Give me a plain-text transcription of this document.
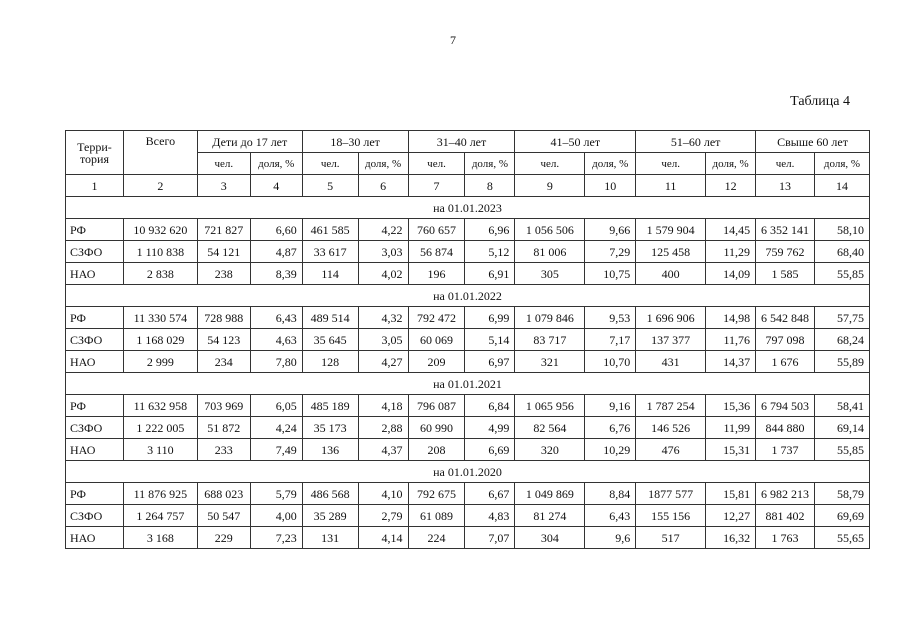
7
Таблица 4
Терри-
тория	Всего	Дети до 17 лет		18–30 лет		31–40 лет		41–50 лет		51–60 лет		Свыше 60 лет	
		чел.	доля, %	чел.	доля, %	чел.	доля, %	чел.	доля, %	чел.	доля, %	чел.	доля, %
1	2	3	4	5	6	7	8	9	10	11	12	13	14
на 01.01.2023													
РФ	10 932 620	721 827	6,60	461 585	4,22	760 657	6,96	1 056 506	9,66	1 579 904	14,45	6 352 141	58,10
СЗФО	1 110 838	54 121	4,87	33 617	3,03	56 874	5,12	81 006	7,29	125 458	11,29	759 762	68,40
НАО	2 838	238	8,39	114	4,02	196	6,91	305	10,75	400	14,09	1 585	55,85
на 01.01.2022													
РФ	11 330 574	728 988	6,43	489 514	4,32	792 472	6,99	1 079 846	9,53	1 696 906	14,98	6 542 848	57,75
СЗФО	1 168 029	54 123	4,63	35 645	3,05	60 069	5,14	83 717	7,17	137 377	11,76	797 098	68,24
НАО	2 999	234	7,80	128	4,27	209	6,97	321	10,70	431	14,37	1 676	55,89
на 01.01.2021													
РФ	11 632 958	703 969	6,05	485 189	4,18	796 087	6,84	1 065 956	9,16	1 787 254	15,36	6 794 503	58,41
СЗФО	1 222 005	51 872	4,24	35 173	2,88	60 990	4,99	82 564	6,76	146 526	11,99	844 880	69,14
НАО	3 110	233	7,49	136	4,37	208	6,69	320	10,29	476	15,31	1 737	55,85
на 01.01.2020													
РФ	11 876 925	688 023	5,79	486 568	4,10	792 675	6,67	1 049 869	8,84	1877 577	15,81	6 982 213	58,79
СЗФО	1 264 757	50 547	4,00	35 289	2,79	61 089	4,83	81 274	6,43	155 156	12,27	881 402	69,69
НАО	3 168	229	7,23	131	4,14	224	7,07	304	9,6	517	16,32	1 763	55,65
